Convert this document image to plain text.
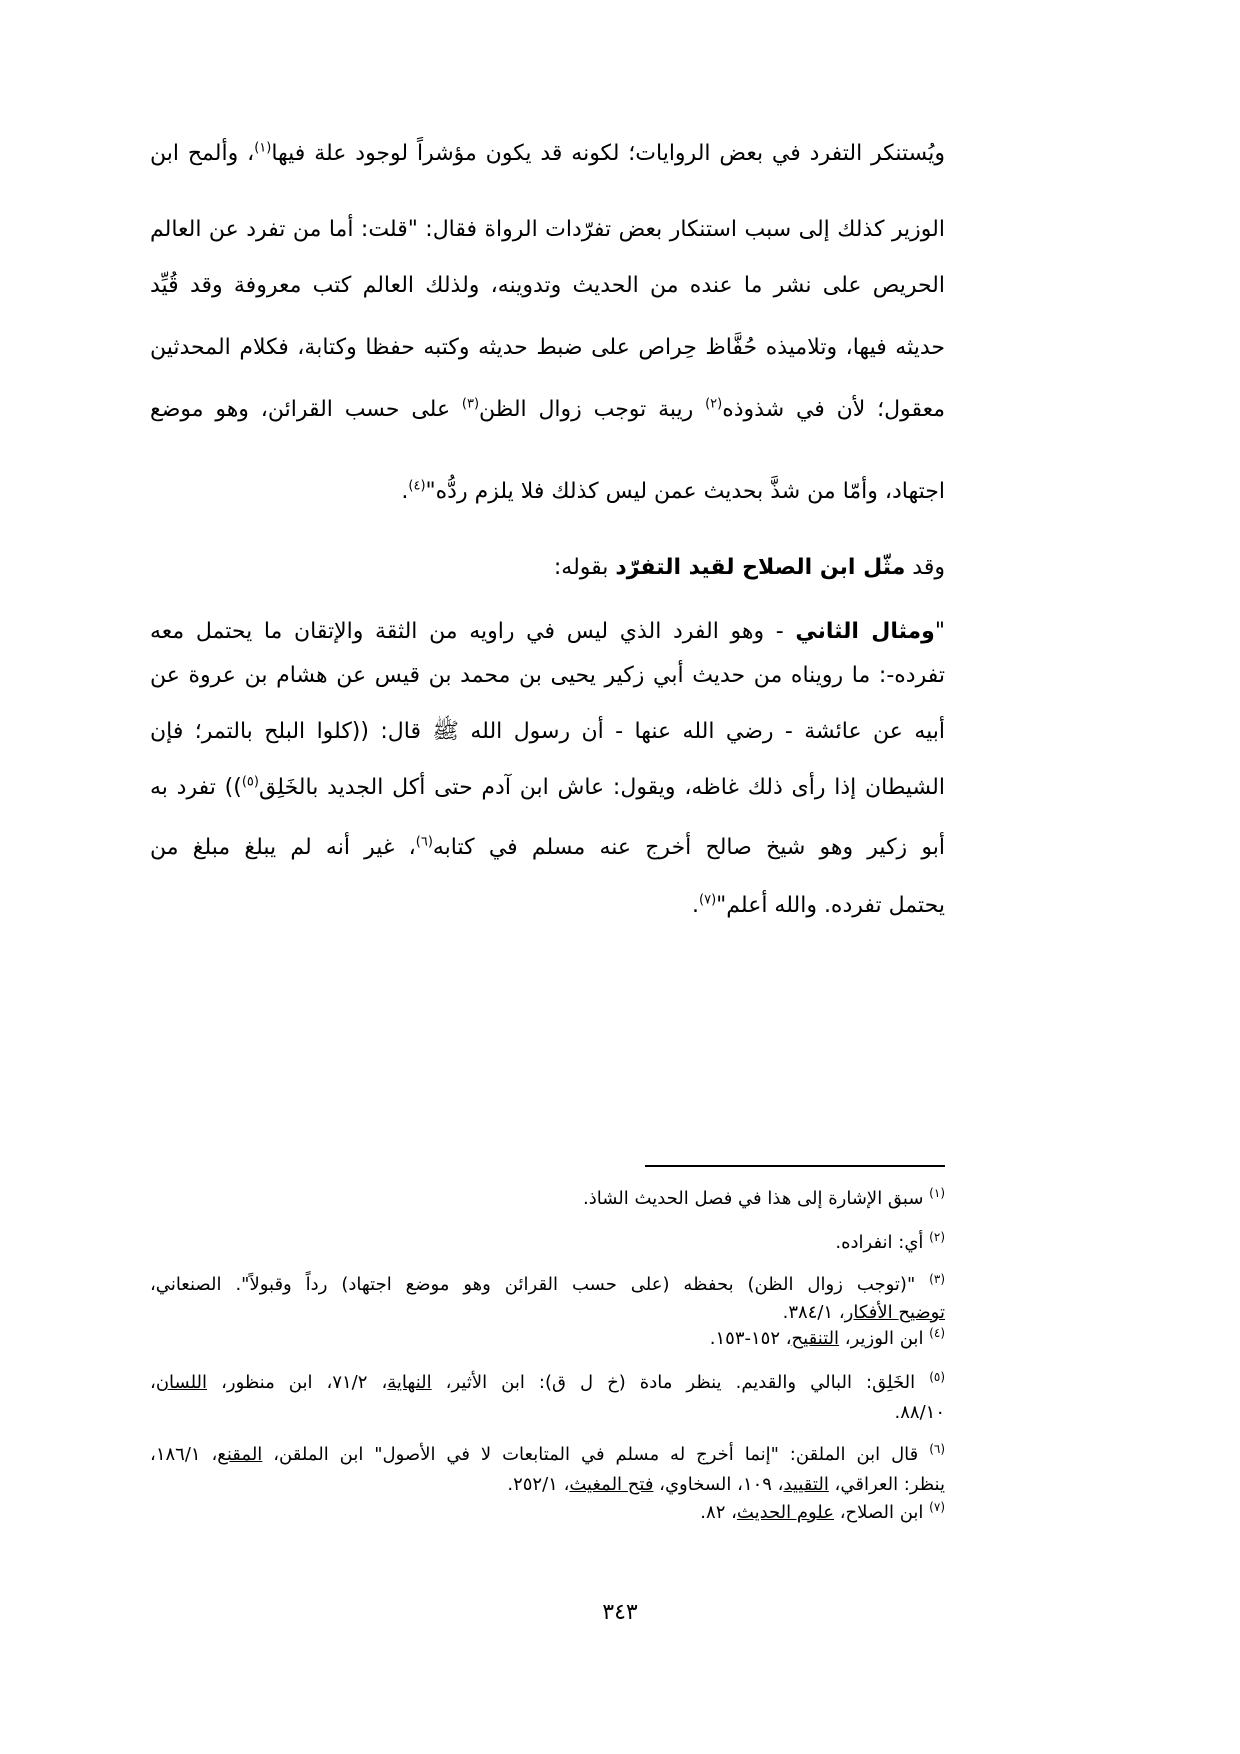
ويُستنكر التفرد في بعض الروايات؛ لكونه قد يكون مؤشراً لوجود علة فيها$^{(١)}$، وألمح ابن
الوزير كذلك إلى سبب استنكار بعض تفرّدات الرواة فقال: "قلت: أما من تفرد عن العالم
الحريص على نشر ما عنده من الحديث وتدوينه، ولذلك العالم كتب معروفة وقد قُيِّد
حديثه فيها، وتلاميذه حُفَّاظ حِراص على ضبط حديثه وكتبه حفظا وكتابة، فكلام المحدثين
معقول؛ لأن في شذوذه$^{(٢)}$ ريبة توجب زوال الظن$^{(٣)}$ على حسب القرائن، وهو موضع
اجتهاد، وأمّا من شذَّ بحديث عمن ليس كذلك فلا يلزم ردُّه"$^{(٤)}$.
وقد مثّل ابن الصلاح لقيد التفرّد بقوله:
"ومثال الثاني - وهو الفرد الذي ليس في راويه من الثقة والإتقان ما يحتمل معه
تفرده-: ما رويناه من حديث أبي زكير يحيى بن محمد بن قيس عن هشام بن عروة عن
أبيه عن عائشة - رضي الله عنها - أن رسول الله ﷺ قال: ((كلوا البلح بالتمر؛ فإن
الشيطان إذا رأى ذلك غاظه، ويقول: عاش ابن آدم حتى أكل الجديد بالخَلِق$^{(٥)}$)) تفرد به
أبو زكير وهو شيخ صالح أخرج عنه مسلم في كتابه$^{(٦)}$، غير أنه لم يبلغ مبلغ من
يحتمل تفرده. والله أعلم"$^{(٧)}$.
$^{(١)}$ سبق الإشارة إلى هذا في فصل الحديث الشاذ.
$^{(٢)}$ أي: انفراده.
$^{(٣)}$ "(توجب زوال الظن) بحفظه (على حسب القرائن وهو موضع اجتهاد) رداً وقبولاً". الصنعاني،
توضيح الأفكار، ٣٨٤/١.
$^{(٤)}$ ابن الوزير، التنقيح، ١٥٢-١٥٣.
$^{(٥)}$ الخَلِق: البالي والقديم. ينظر مادة (خ ل ق): ابن الأثير، النهاية، ٧١/٢، ابن منظور، اللسان،
٨٨/١٠.
$^{(٦)}$ قال ابن الملقن: "إنما أخرج له مسلم في المتابعات لا في الأصول" ابن الملقن، المقنع، ١٨٦/١،
ينظر: العراقي، التقييد، ١٠٩، السخاوي، فتح المغيث، ٢٥٢/١.
$^{(٧)}$ ابن الصلاح، علوم الحديث، ٨٢.
٣٤٣
